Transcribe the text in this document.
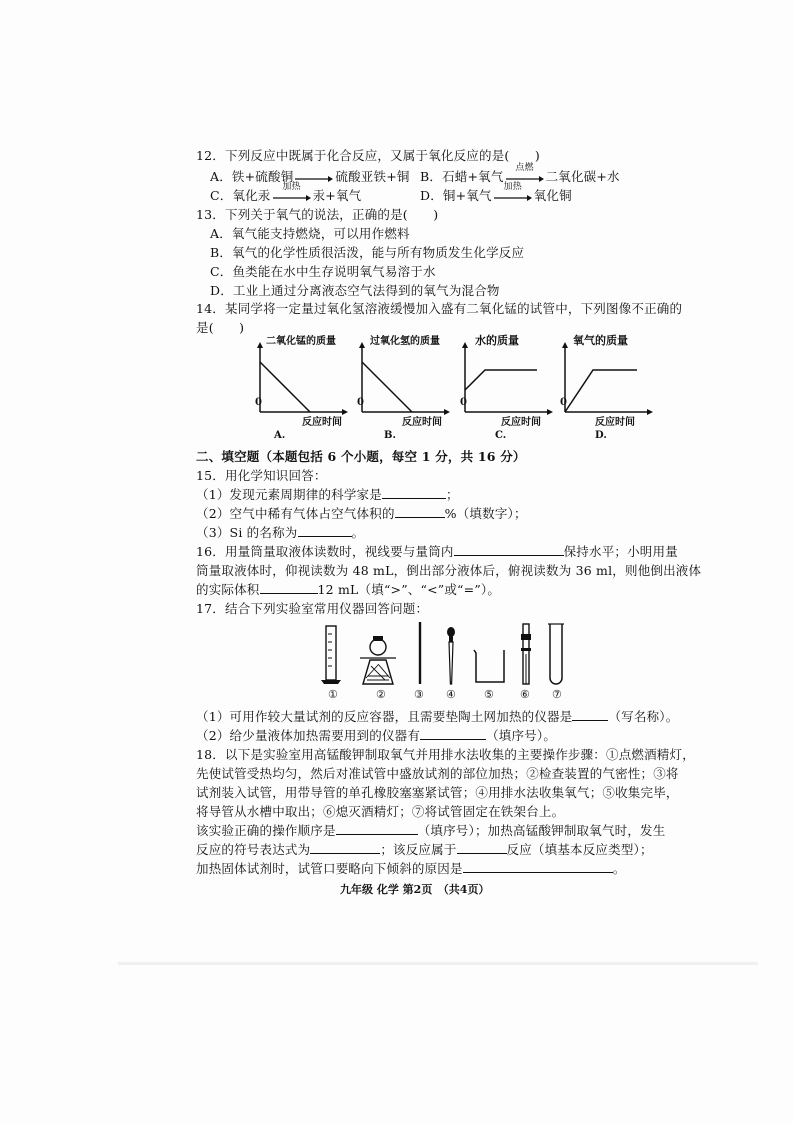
12．下列反应中既属于化合反应，又属于氧化反应的是(　　)
A．铁+硫酸铜 → 硫酸亚铁+铜 B．石蜡+氧气
点燃
二氧化碳+水
C．氧化汞
加热
汞+氧气	D．铜+氧气
加热
氧化铜
13．下列关于氧气的说法，正确的是(　　)
A．氧气能支持燃烧，可以用作燃料
B．氧气的化学性质很活泼，能与所有物质发生化学反应
C．鱼类能在水中生存说明氧气易溶于水
D．工业上通过分离液态空气法得到的氧气为混合物
14．某同学将一定量过氧化氢溶液缓慢加入盛有二氧化锰的试管中，下列图像不正确的
是(　　)
二氧化锰的质量
0
反应时间
A.
过氧化氢的质量
0
反应时间
B.
水的质量
0
反应时间
C.
氧气的质量
0
反应时间
D.
二、填空题（本题包括 6 个小题，每空 1 分，共 16 分）
15．用化学知识回答：
（1）发现元素周期律的科学家是	；
（2）空气中稀有气体占空气体积的	%（填数字）；
（3）Si 的名称为	。
16．用量筒量取液体读数时，视线要与量筒内	保持水平；小明用量
筒量取液体时，仰视读数为 48 mL，倒出部分液体后，俯视读数为 36 ml，则他倒出液体
的实际体积	12 mL（填“>”、“<”或“=”）。
17．结合下列实验室常用仪器回答问题：
①	②	③ ④	⑤ ⑥ ⑦
（1）可用作较大量试剂的反应容器，且需要垫陶土网加热的仪器是	（写名称）。
（2）给少量液体加热需要用到的仪器有	（填序号）。
18．以下是实验室用高锰酸钾制取氧气并用排水法收集的主要操作步骤：①点燃酒精灯，
先使试管受热均匀，然后对准试管中盛放试剂的部位加热；②检查装置的气密性；③将
试剂装入试管，用带导管的单孔橡胶塞塞紧试管；④用排水法收集氧气；⑤收集完毕，
将导管从水槽中取出；⑥熄灭酒精灯；⑦将试管固定在铁架台上。
该实验正确的操作顺序是	（填序号）；加热高锰酸钾制取氧气时，发生
反应的符号表达式为	；该反应属于	反应（填基本反应类型）；
加热固体试剂时，试管口要略向下倾斜的原因是	。
九年级 化学 第2页　（共4页）
